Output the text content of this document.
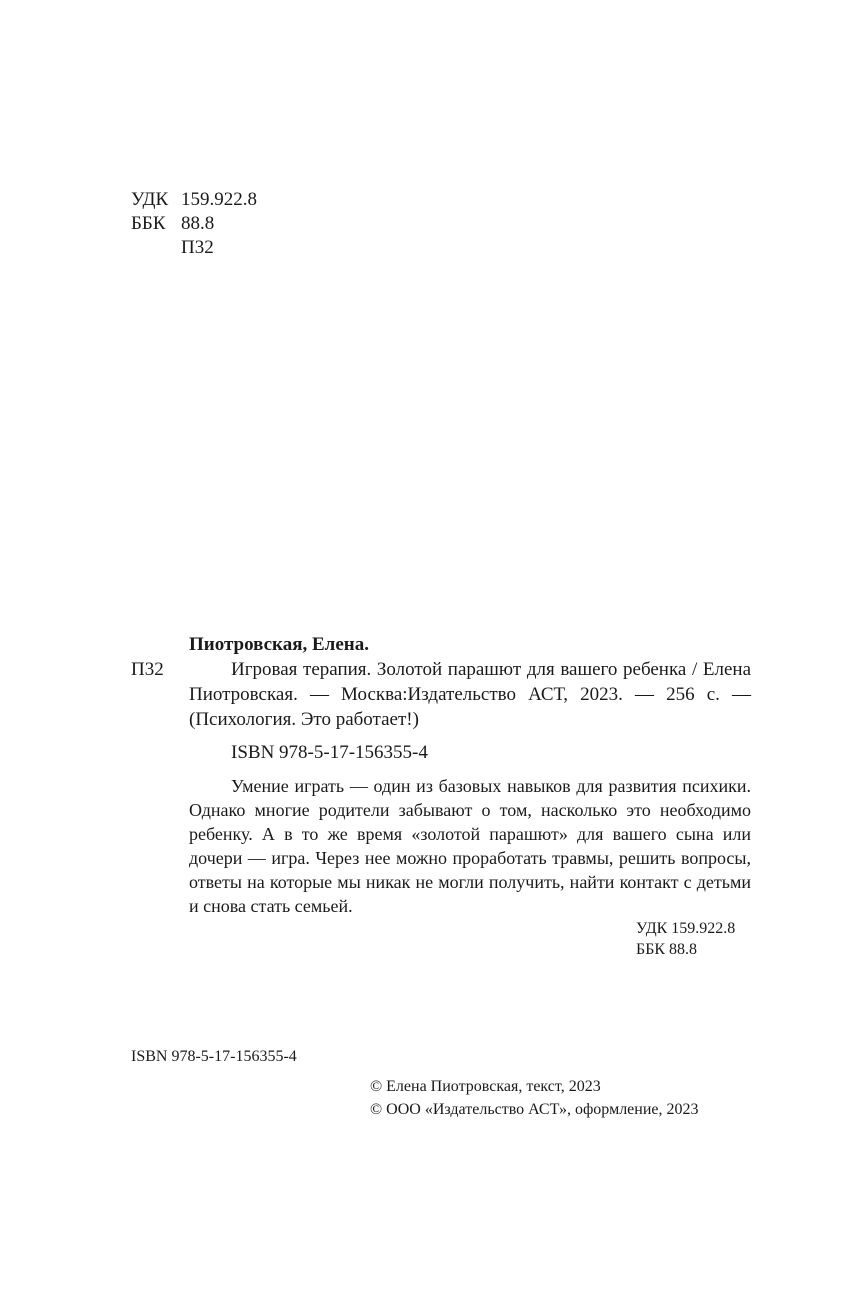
УДК 159.922.8
ББК 88.8
П32
Пиотровская, Елена.
П32	Игровая терапия. Золотой парашют для вашего ребенка / Елена Пиотровская. — Москва:Издательство АСТ, 2023. — 256 с. — (Психология. Это работает!)
ISBN 978-5-17-156355-4
Умение играть — один из базовых навыков для развития психики. Однако многие родители забывают о том, насколько это необходимо ребенку. А в то же время «золотой парашют» для вашего сына или дочери — игра. Через нее можно проработать травмы, решить вопросы, ответы на которые мы никак не могли получить, найти контакт с детьми и снова стать семьей.
УДК 159.922.8
ББК 88.8
ISBN 978-5-17-156355-4
© Елена Пиотровская, текст, 2023
© ООО «Издательство АСТ», оформление, 2023
